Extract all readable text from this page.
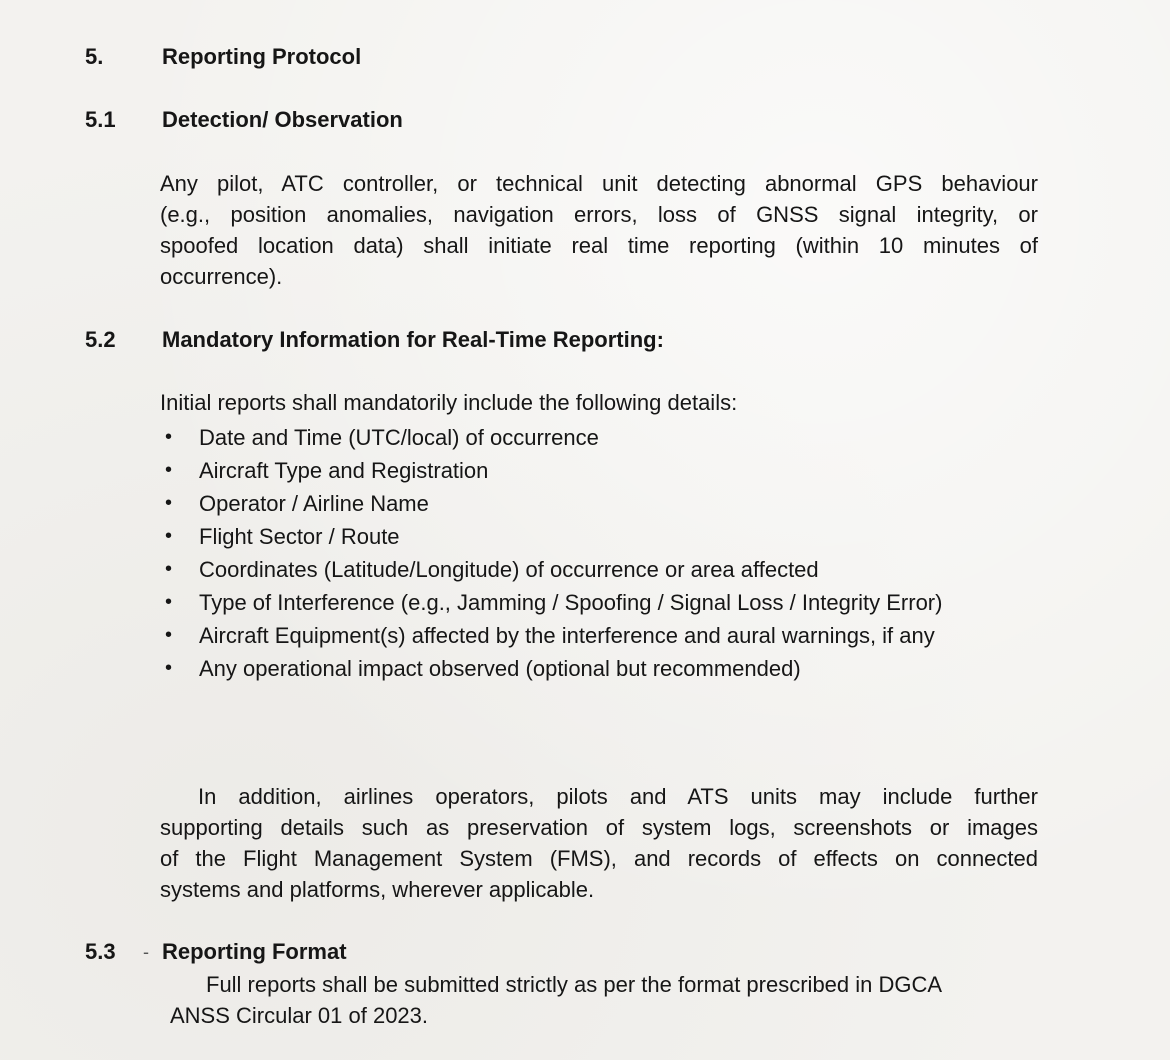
5.	Reporting Protocol
5.1 Detection/ Observation
Any pilot, ATC controller, or technical unit detecting abnormal GPS behaviour
(e.g., position anomalies, navigation errors, loss of GNSS signal integrity, or
spoofed location data) shall initiate real time reporting (within 10 minutes of
occurrence).
5.2 Mandatory Information for Real-Time Reporting:
Initial reports shall mandatorily include the following details:
• Date and Time (UTC/local) of occurrence
• Aircraft Type and Registration
• Operator / Airline Name
• Flight Sector / Route
• Coordinates (Latitude/Longitude) of occurrence or area affected
• Type of Interference (e.g., Jamming / Spoofing / Signal Loss / Integrity Error)
• Aircraft Equipment(s) affected by the interference and aural warnings, if any
• Any operational impact observed (optional but recommended)
In addition, airlines operators, pilots and ATS units may include further
supporting details such as preservation of system logs, screenshots or images
of the Flight Management System (FMS), and records of effects on connected
systems and platforms, wherever applicable.
5.3 - Reporting Format
Full reports shall be submitted strictly as per the format prescribed in DGCA
ANSS Circular 01 of 2023.
